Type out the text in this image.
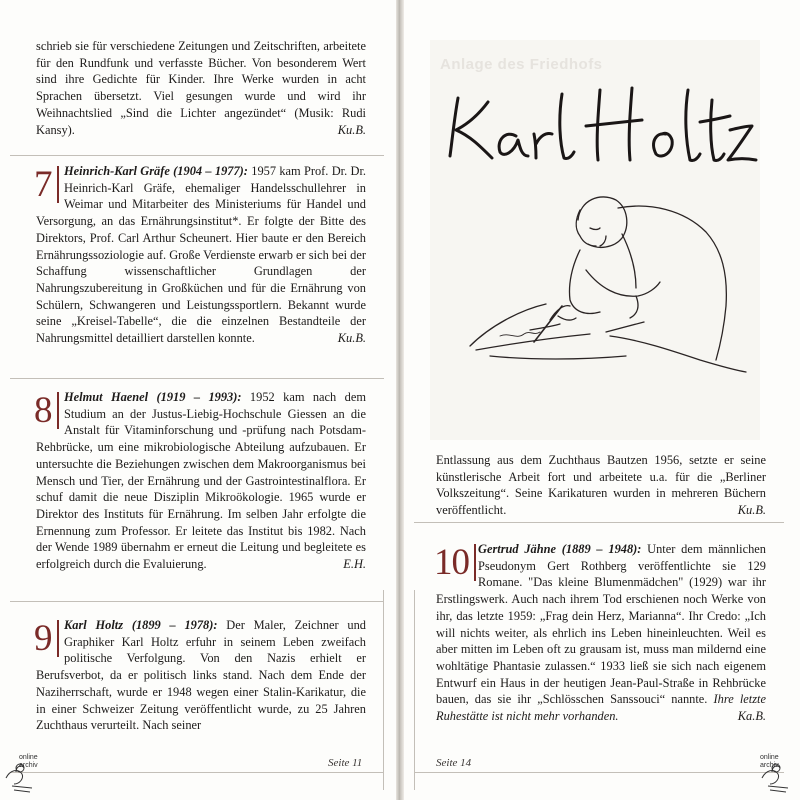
schrieb sie für verschiedene Zeitungen und Zeitschriften, arbeitete für den Rundfunk und verfasste Bücher. Von besonderem Wert sind ihre Gedichte für Kinder. Ihre Werke wurden in acht Sprachen übersetzt. Viel gesungen wurde und wird ihr Weihnachtslied „Sind die Lichter angezündet“ (Musik: Rudi Kansy).	Ku.B.
7	Heinrich-Karl Gräfe (1904 – 1977): 1957 kam Prof. Dr. Dr. Heinrich-Karl Gräfe, ehemaliger Handelsschullehrer in Weimar und Mitarbeiter des Ministeriums für Handel und Versorgung, an das Ernährungsinstitut*. Er folgte der Bitte des Direktors, Prof. Carl Arthur Scheunert. Hier baute er den Bereich Ernährungssoziologie auf. Große Verdienste erwarb er sich bei der Schaffung wissenschaftlicher Grundlagen der Nahrungszubereitung in Großküchen und für die Ernährung von Schülern, Schwangeren und Leistungssportlern. Bekannt wurde seine „Kreisel-Tabelle“, die die einzelnen Bestandteile der Nahrungsmittel detailliert darstellen konnte.	Ku.B.
8	Helmut Haenel (1919 – 1993): 1952 kam nach dem Studium an der Justus-Liebig-Hochschule Giessen an die Anstalt für Vitaminforschung und -prüfung nach Potsdam-Rehbrücke, um eine mikrobiologische Abteilung aufzubauen. Er untersuchte die Beziehungen zwischen dem Makroorganismus bei Mensch und Tier, der Ernährung und der Gastrointestinalflora. Er schuf damit die neue Disziplin Mikroökologie. 1965 wurde er Direktor des Instituts für Ernährung. Im selben Jahr erfolgte die Ernennung zum Professor. Er leitete das Institut bis 1982. Nach der Wende 1989 übernahm er erneut die Leitung und begleitete es erfolgreich durch die Evaluierung.	E.H.
9	Karl Holtz (1899 – 1978): Der Maler, Zeichner und Graphiker Karl Holtz erfuhr in seinem Leben zweifach politische Verfolgung. Von den Nazis erhielt er Berufsverbot, da er politisch links stand. Nach dem Ende der Naziherrschaft, wurde er 1948 wegen einer Stalin-Karikatur, die in einer Schweizer Zeitung veröffentlicht wurde, zu 25 Jahren Zuchthaus verurteilt. Nach seiner
Seite 11
online
archiv
Anlage des Friedhofs
Entlassung aus dem Zuchthaus Bautzen 1956, setzte er seine künstlerische Arbeit fort und arbeitete u.a. für die „Berliner Volkszeitung“. Seine Karikaturen wurden in mehreren Büchern veröffentlicht.	Ku.B.
10 Gertrud Jähne (1889 – 1948): Unter dem männlichen Pseudonym Gert Rothberg veröffentlichte sie 129 Romane. "Das kleine Blumenmädchen" (1929) war ihr Erstlingswerk. Auch nach ihrem Tod erschienen noch Werke von ihr, das letzte 1959: „Frag dein Herz, Marianna“. Ihr Credo: „Ich will nichts weiter, als ehrlich ins Leben hineinleuchten. Weil es aber mitten im Leben oft zu grausam ist, muss man mildernd eine wohltätige Phantasie zulassen.“ 1933 ließ sie sich nach eigenem Entwurf ein Haus in der heutigen Jean-Paul-Straße in Rehbrücke bauen, das sie ihr „Schlösschen Sanssouci“ nannte. Ihre letzte Ruhestätte ist nicht mehr vorhanden.	Ka.B.
Seite 14	online
archiv
